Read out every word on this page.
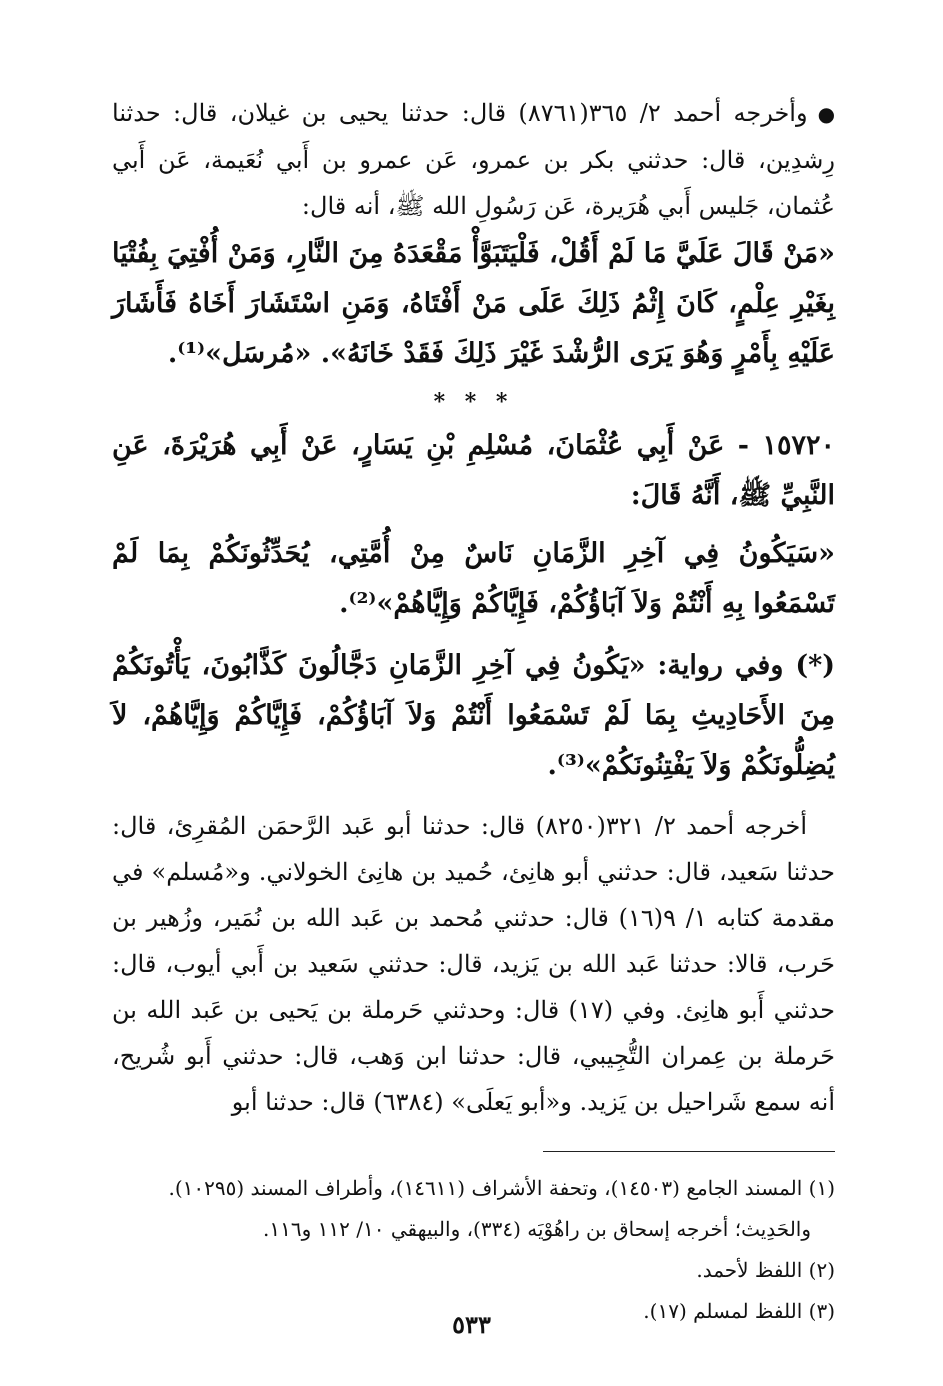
●وأخرجه أحمد ٢/ ٣٦٥(٨٧٦١) قال: حدثنا يحيى بن غيلان، قال: حدثنا رِشدِين، قال: حدثني بكر بن عمرو، عَن عمرو بن أَبي نُعَيمة، عَن أَبي عُثمان، جَليس أَبي هُرَيرة، عَن رَسُولِ الله ﷺ، أنه قال:

«مَنْ قَالَ عَلَيَّ مَا لَمْ أَقُلْ، فَلْيَتَبَوَّأْ مَقْعَدَهُ مِنَ النَّارِ، وَمَنْ أُفْتِيَ بِفُتْيَا بِغَيْرِ عِلْمٍ، كَانَ إِثْمُ ذَلِكَ عَلَى مَنْ أَفْتَاهُ، وَمَنِ اسْتَشَارَ أَخَاهُ فَأَشَارَ عَلَيْهِ بِأَمْرٍ وَهُوَ يَرَى الرُّشْدَ غَيْرَ ذَلِكَ فَقَدْ خَانَهُ». «مُرسَل»⁽¹⁾.

* * *

١٥٧٢٠ - عَنْ أَبِي عُثْمَانَ، مُسْلِمِ بْنِ يَسَارٍ، عَنْ أَبِي هُرَيْرَةَ، عَنِ النَّبِيِّ ﷺ، أَنَّهُ قَالَ:

«سَيَكُونُ فِي آخِرِ الزَّمَانِ نَاسٌ مِنْ أُمَّتِي، يُحَدِّثُونَكُمْ بِمَا لَمْ تَسْمَعُوا بِهِ أَنْتُمْ وَلاَ آبَاؤُكُمْ، فَإِيَّاكُمْ وَإِيَّاهُمْ»⁽²⁾.

(*) وفي رواية: «يَكُونُ فِي آخِرِ الزَّمَانِ دَجَّالُونَ كَذَّابُونَ، يَأْتُونَكُمْ مِنَ الأَحَادِيثِ بِمَا لَمْ تَسْمَعُوا أَنْتُمْ وَلاَ آبَاؤُكُمْ، فَإِيَّاكُمْ وَإِيَّاهُمْ، لاَ يُضِلُّونَكُمْ وَلاَ يَفْتِنُونَكُمْ»⁽³⁾.

أخرجه أحمد ٢/ ٣٢١(٨٢٥٠) قال: حدثنا أبو عَبد الرَّحمَن المُقرِئ، قال: حدثنا سَعيد، قال: حدثني أبو هانِئ، حُميد بن هانِئ الخولاني. و«مُسلم» في مقدمة كتابه ١/ ٩(١٦) قال: حدثني مُحمد بن عَبد الله بن نُمَير، وزُهير بن حَرب، قالا: حدثنا عَبد الله بن يَزيد، قال: حدثني سَعيد بن أَبي أيوب، قال: حدثني أَبو هانِئ. وفي (١٧) قال: وحدثني حَرملة بن يَحيى بن عَبد الله بن حَرملة بن عِمران التُّجِيبي، قال: حدثنا ابن وَهب، قال: حدثني أَبو شُريح، أنه سمع شَراحيل بن يَزيد. و«أبو يَعلَى» (٦٣٨٤) قال: حدثنا أبو

(١) المسند الجامع (١٤٥٠٣)، وتحفة الأشراف (١٤٦١١)، وأطراف المسند (١٠٢٩٥).

والحَدِيث؛ أخرجه إسحاق بن راهُوْيَه (٣٣٤)، والبيهقي ١٠/ ١١٢ و١١٦.

(٢) اللفظ لأحمد.

(٣) اللفظ لمسلم (١٧).

٥٣٣
